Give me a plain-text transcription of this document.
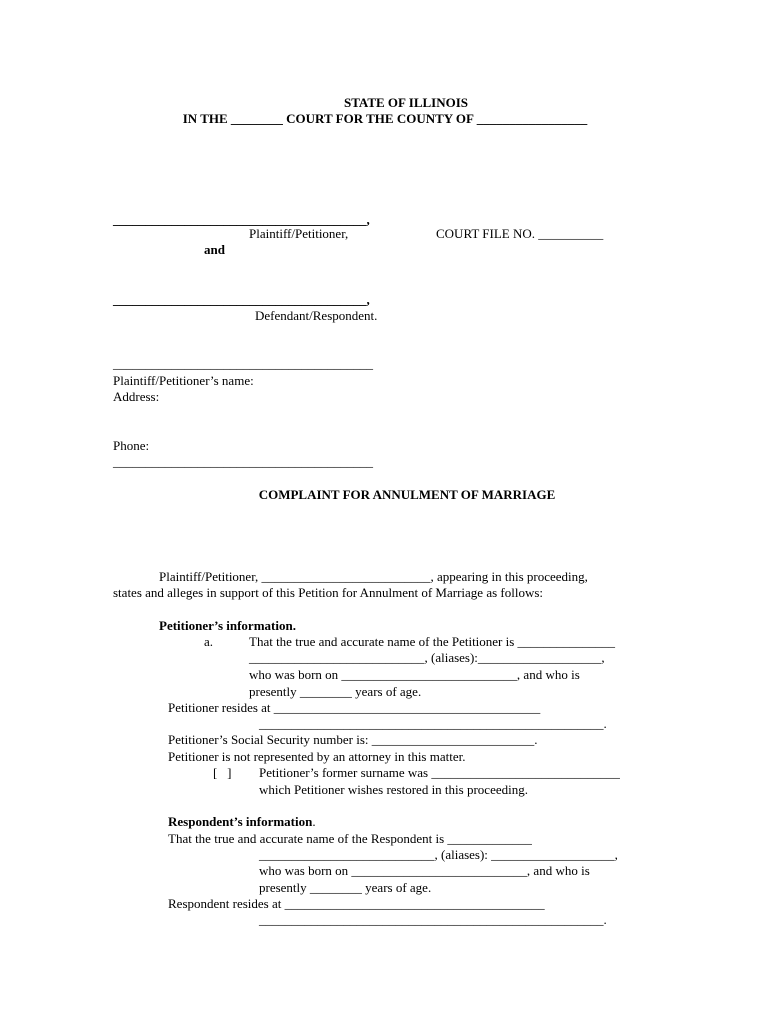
STATE OF ILLINOIS
IN THE ________ COURT FOR THE COUNTY OF _________________
_______________________________________,
Plaintiff/Petitioner,	COURT FILE NO. __________
and
_______________________________________,
Defendant/Respondent.
________________________________________
Plaintiff/Petitioner’s name:
Address:
Phone:
________________________________________
COMPLAINT FOR ANNULMENT OF MARRIAGE
Plaintiff/Petitioner, __________________________, appearing in this proceeding,
states and alleges in support of this Petition for Annulment of Marriage as follows:
Petitioner’s information.
a.	That the true and accurate name of the Petitioner is _______________
___________________________, (aliases):___________________,
who was born on ___________________________, and who is
presently ________ years of age.
Petitioner resides at _________________________________________
_____________________________________________________.
Petitioner’s Social Security number is: _________________________.
Petitioner is not represented by an attorney in this matter.
[   ] Petitioner’s former surname was _____________________________
which Petitioner wishes restored in this proceeding.
Respondent’s information.
That the true and accurate name of the Respondent is _____________
___________________________, (aliases): ___________________,
who was born on ___________________________, and who is
presently ________ years of age.
Respondent resides at ________________________________________
_____________________________________________________.
